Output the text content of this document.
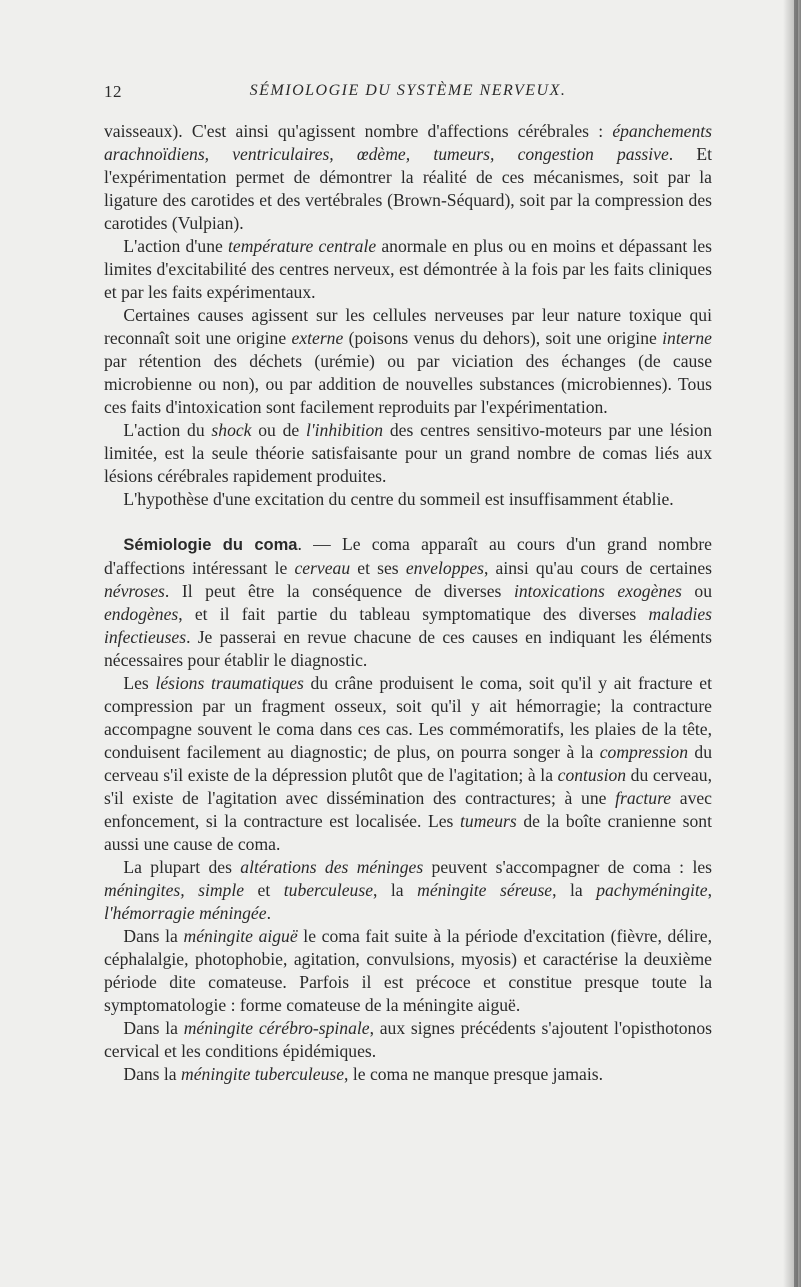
12	SÉMIOLOGIE DU SYSTÈME NERVEUX.

vaisseaux). C'est ainsi qu'agissent nombre d'affections cérébrales : épanchements arachnoïdiens, ventriculaires, œdème, tumeurs, congestion passive. Et l'expérimentation permet de démontrer la réalité de ces mécanismes, soit par la ligature des carotides et des vertébrales (Brown-Séquard), soit par la compression des carotides (Vulpian).

L'action d'une température centrale anormale en plus ou en moins et dépassant les limites d'excitabilité des centres nerveux, est démontrée à la fois par les faits cliniques et par les faits expérimentaux.

Certaines causes agissent sur les cellules nerveuses par leur nature toxique qui reconnaît soit une origine externe (poisons venus du dehors), soit une origine interne par rétention des déchets (urémie) ou par viciation des échanges (de cause microbienne ou non), ou par addition de nouvelles substances (microbiennes). Tous ces faits d'intoxication sont facilement reproduits par l'expérimentation.

L'action du shock ou de l'inhibition des centres sensitivo-moteurs par une lésion limitée, est la seule théorie satisfaisante pour un grand nombre de comas liés aux lésions cérébrales rapidement produites.

L'hypothèse d'une excitation du centre du sommeil est insuffisamment établie.

Sémiologie du coma. — Le coma apparaît au cours d'un grand nombre d'affections intéressant le cerveau et ses enveloppes, ainsi qu'au cours de certaines névroses. Il peut être la conséquence de diverses intoxications exogènes ou endogènes, et il fait partie du tableau symptomatique des diverses maladies infectieuses. Je passerai en revue chacune de ces causes en indiquant les éléments nécessaires pour établir le diagnostic.

Les lésions traumatiques du crâne produisent le coma, soit qu'il y ait fracture et compression par un fragment osseux, soit qu'il y ait hémorragie; la contracture accompagne souvent le coma dans ces cas. Les commémoratifs, les plaies de la tête, conduisent facilement au diagnostic; de plus, on pourra songer à la compression du cerveau s'il existe de la dépression plutôt que de l'agitation; à la contusion du cerveau, s'il existe de l'agitation avec dissémination des contractures; à une fracture avec enfoncement, si la contracture est localisée. Les tumeurs de la boîte cranienne sont aussi une cause de coma.

La plupart des altérations des méninges peuvent s'accompagner de coma : les méningites, simple et tuberculeuse, la méningite séreuse, la pachyméningite, l'hémorragie méningée.

Dans la méningite aiguë le coma fait suite à la période d'excitation (fièvre, délire, céphalalgie, photophobie, agitation, convulsions, myosis) et caractérise la deuxième période dite comateuse. Parfois il est précoce et constitue presque toute la symptomatologie : forme comateuse de la méningite aiguë.

Dans la méningite cérébro-spinale, aux signes précédents s'ajoutent l'opisthotonos cervical et les conditions épidémiques.

Dans la méningite tuberculeuse, le coma ne manque presque jamais.
